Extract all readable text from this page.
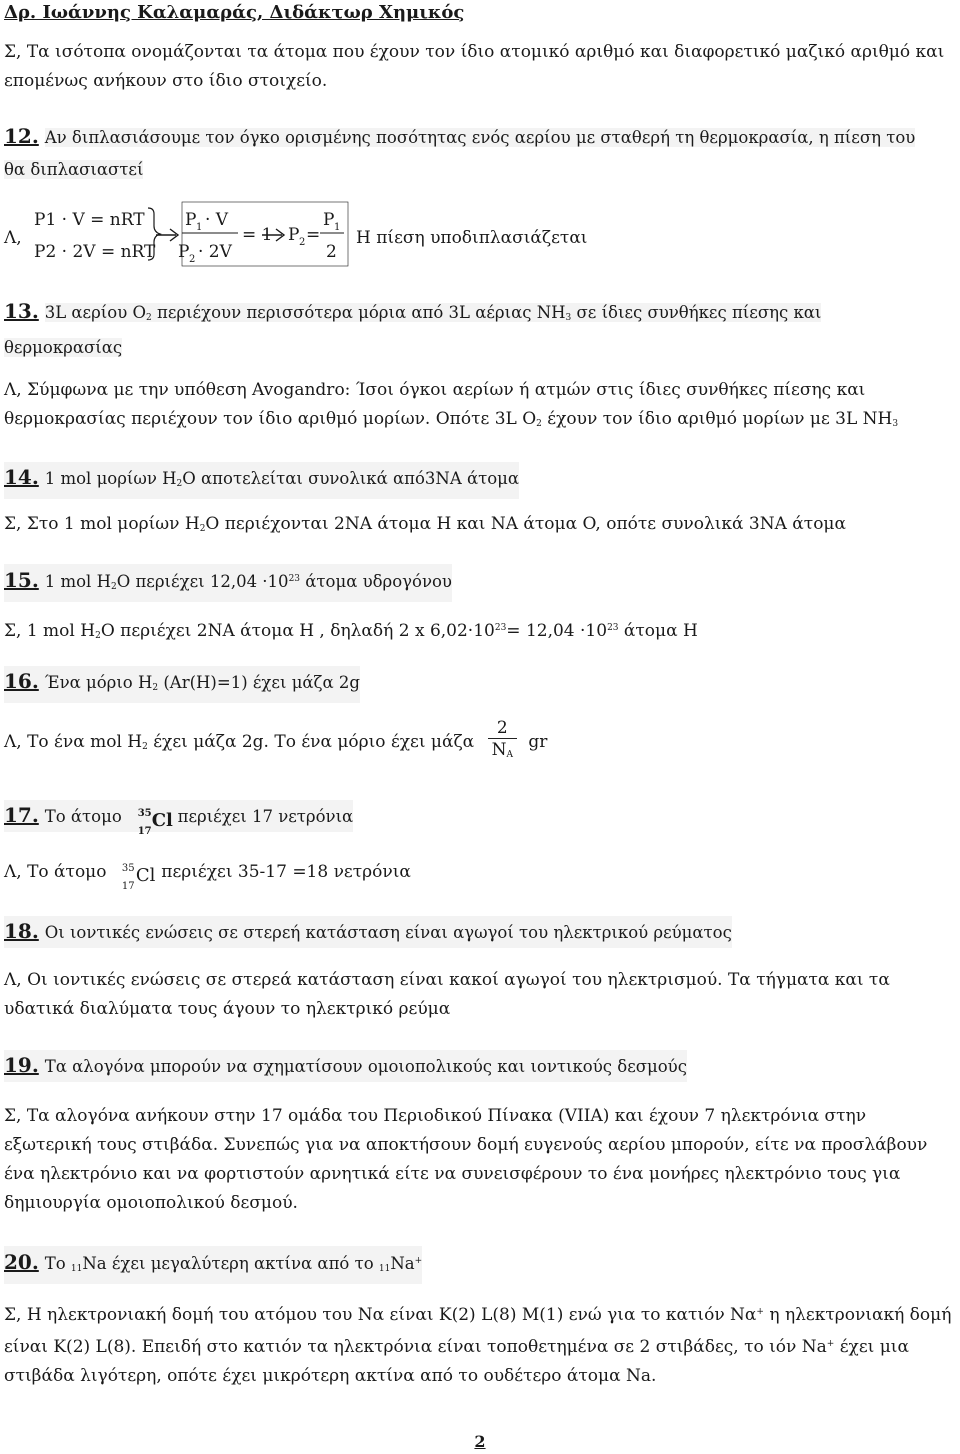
Δρ. Ιωάννης Καλαμαράς, Διδάκτωρ Χημικός
Σ, Τα ισότοπα ονομάζονται τα άτομα που έχουν τον ίδιο ατομικό αριθμό και διαφορετικό μαζικό αριθμό και επομένως ανήκουν στο ίδιο στοιχείο.
12. Αν διπλασιάσουμε τον όγκο ορισμένης ποσότητας ενός αερίου με σταθερή τη θερμοκρασία, η πίεση του θα διπλασιαστεί
Λ,
P1 · V = nRT
P2 · 2V = nRT
P 1 · V
P 2 · 2V
= 1 P 2 =
P 1
2
Η πίεση υποδιπλασιάζεται
13. 3L αερίου $O_2$ περιέχουν περισσότερα μόρια από 3L αέριας $NH_3$ σε ίδιες συνθήκες πίεσης και θερμοκρασίας
Λ, Σύμφωνα με την υπόθεση Avogandro: Ίσοι όγκοι αερίων ή ατμών στις ίδιες συνθήκες πίεσης και θερμοκρασίας περιέχουν τον ίδιο αριθμό μορίων. Οπότε 3L $O_2$ έχουν τον ίδιο αριθμό μορίων με 3L $NH_3$
14. 1 mol μορίων $H_2O$ αποτελείται συνολικά από3NA άτομα
Σ, Στο 1 mol μορίων $H_2O$ περιέχονται 2NA άτομα H και NA άτομα O, οπότε συνολικά 3NA άτομα
15. 1 mol $H_2O$ περιέχει $12,04 \cdot 10^{23}$ άτομα υδρογόνου
Σ, 1 mol $H_2O$ περιέχει 2NA άτομα H , δηλαδή 2 x $6,02\cdot 10^{23}= 12,04 \cdot 10^{23}$ άτομα H
16. Ένα μόριο $H_2$ (Ar(H)=1) έχει μάζα 2g
Λ, Το ένα mol $H_2$ έχει μάζα 2g. Το ένα μόριο έχει μάζα $\frac{2}{N_A}$ gr
17. Το άτομο 35
17
Cl περιέχει 17 νετρόνια
Λ, Το άτομο 35
17
Cl περιέχει 35-17 =18 νετρόνια
18. Οι ιοντικές ενώσεις σε στερεή κατάσταση είναι αγωγοί του ηλεκτρικού ρεύματος
Λ, Οι ιοντικές ενώσεις σε στερεά κατάσταση είναι κακοί αγωγοί του ηλεκτρισμού. Τα τήγματα και τα υδατικά διαλύματα τους άγουν το ηλεκτρικό ρεύμα
19. Τα αλογόνα μπορούν να σχηματίσουν ομοιοπολικούς και ιοντικούς δεσμούς
Σ, Τα αλογόνα ανήκουν στην 17 ομάδα του Περιοδικού Πίνακα (VIIA) και έχουν 7 ηλεκτρόνια στην εξωτερική τους στιβάδα. Συνεπώς για να αποκτήσουν δομή ευγενούς αερίου μπορούν, είτε να προσλάβουν ένα ηλεκτρόνιο και να φορτιστούν αρνητικά είτε να συνεισφέρουν το ένα μονήρες ηλεκτρόνιο τους για δημιουργία ομοιοπολικού δεσμού.
20. Το $_{11}$Na έχει μεγαλύτερη ακτίνα από το $_{11}$Na+
Σ, Η ηλεκτρονιακή δομή του ατόμου του Να είναι K(2) L(8) M(1) ενώ για το κατιόν Να+ η ηλεκτρονιακή δομή είναι K(2) L(8). Επειδή στο κατιόν τα ηλεκτρόνια είναι τοποθετημένα σε 2 στιβάδες, το ιόν Na+ έχει μια στιβάδα λιγότερη, οπότε έχει μικρότερη ακτίνα από το ουδέτερο άτομα Na.
2
